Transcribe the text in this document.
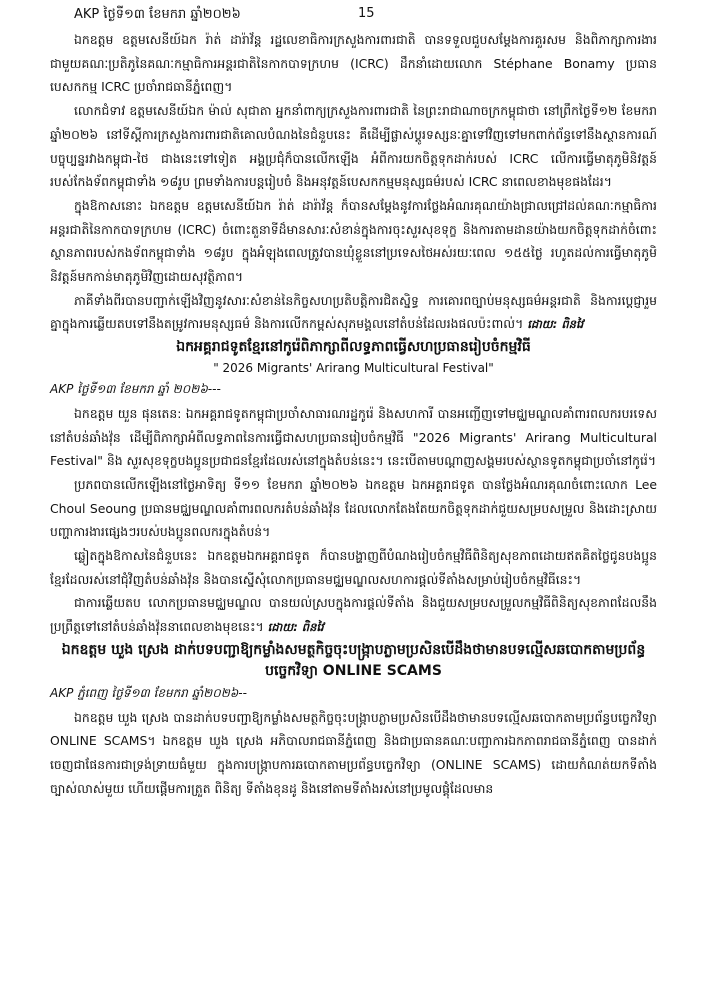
AKP ថ្ងៃទី១៣ ខែមករា ឆ្នាំ២០២៦	15

ឯកឧត្ដម ឧត្ដមសេនីយ៍ឯក រ៉ាត់ ដារ៉ាវ័ន្ដ រដ្ឋលេខាធិការក្រសួងការពារជាតិ បានទទួលជួបសម្ដែងការគួរសម និងពិភាក្សាការងារជាមួយគណៈប្រតិភូនៃគណៈកម្មាធិការអន្ដរជាតិនៃកាកបាទក្រហម (ICRC) ដឹកនាំដោយលោក Stéphane Bonamy ប្រធានបេសកកម្ម ICRC ប្រចាំរាជធានីភ្នំពេញ។

លោកជំទាវ ឧត្ដមសេនីយ៍ឯក ម៉ាល់ សុជាតា អ្នកនាំពាក្យក្រសួងការពារជាតិ នៃព្រះរាជាណាចក្រកម្ពុជាថា នៅព្រឹកថ្ងៃទី១២ ខែមករា ឆ្នាំ២០២៦ នៅទីស្ដីការក្រសួងការពារជាតិគោលបំណងនៃជំនួបនេះ គឺដើម្បីផ្លាស់ប្ដូរទស្សនៈគ្នាទៅវិញទៅមកពាក់ព័ន្ធទៅនឹងស្ថានការណ៍បច្ចុប្បន្នរវាងកម្ពុជា-ថៃ ជាងនេះទៅទៀត អង្គប្រជុំក៏បានលើកឡើង អំពីការយកចិត្តទុកដាក់របស់ ICRC លើការធ្វើមាតុភូមិនិវត្តន៍របស់កែងទ័ពកម្ពុជាទាំង ១៨រូប ព្រមទាំងការបន្ដរៀបចំ និងអនុវត្តន៍បេសកកម្មមនុស្សធម៌របស់ ICRC នាពេលខាងមុខផងដែរ។

ក្នុងឱកាសនោះ ឯកឧត្ដម ឧត្ដមសេនីយ៍ឯក រ៉ាត់ ដារ៉ាវ័ន្ដ ក៏បានសម្ដែងនូវការថ្លែងអំណរគុណយ៉ាងជ្រាលជ្រៅដល់គណៈកម្មាធិការអន្ដរជាតិនៃកាកបាទក្រហម (ICRC) ចំពោះតួនាទីដ៏មានសារៈសំខាន់ក្នុងការចុះសួរសុខទុក្ខ និងការតាមដានយ៉ាងយកចិត្តទុកដាក់ចំពោះស្ថានភាពរបស់កងទ័ពកម្ពុជាទាំង ១៨រូប ក្នុងអំឡុងពេលត្រូវបានឃុំខ្លួននៅប្រទេសថៃអស់រយៈពេល ១៥៥ថ្ងៃ រហូតដល់ការធ្វើមាតុភូមិនិវត្តន៍មកកាន់មាតុភូមិវិញដោយសុវត្ថិភាព។

ភាគីទាំងពីរបានបញ្ជាក់ឡើងវិញនូវសារៈសំខាន់នៃកិច្ចសហប្រតិបត្ដិការជិតស្និទ្ធ ការគោរពច្បាប់មនុស្សធម៌អន្ដរជាតិ និងការប្ដេជ្ញារួមគ្នាក្នុងការឆ្លើយតបទៅនឹងតម្រូវការមនុស្សធម៌ និងការលើកកម្ពស់សុភមង្គលនៅតំបន់ដែលរងផលប៉ះពាល់។ ដោយ: ពិនវៃ

ឯកអគ្គរាជទូតខ្មែរនៅកូរ៉េពិភាក្សាពីលទ្ធភាពធ្វើសហប្រធានរៀបចំកម្មវិធី
" 2026 Migrants' Arirang Multicultural Festival"

AKP ថ្ងៃទី១៣ ខែមករា ឆ្នាំ ២០២៦---

ឯកឧត្ដម យួន ផុនតេន: ឯកអគ្គរាជទូតកម្ពុជាប្រចាំសាធារណរដ្ឋកូរ៉េ និងសហការី បានអញ្ជើញទៅមជ្ឈមណ្ឌលគាំពារពលករបរទេសនៅតំបន់ឆាំងវ៉ុន ដើម្បីពិភាក្សាអំពីលទ្ធភាពនៃការធ្វើជាសហប្រធានរៀបចំកម្មវិធី "2026 Migrants' Arirang Multicultural Festival" និង សួរសុខទុក្ខបងប្អូនប្រជាជនខ្មែរដែលរស់នៅក្នុងតំបន់នេះ។ នេះបើតាមបណ្ដាញសង្គមរបស់ស្ថានទូតកម្ពុជាប្រចាំនៅកូរ៉េ។

ប្រភពបានលើកឡើងនៅថ្ងៃអាទិត្យ ទី១១ ខែមករា ឆ្នាំ២០២៦ ឯកឧត្ដម ឯកអគ្គរាជទូត បានថ្លែងអំណរគុណចំពោះលោក Lee Choul Seoung ប្រធានមជ្ឈមណ្ឌលគាំពារពលករតំបន់ឆាំងវ៉ុន ដែលលោកតែងតែយកចិត្តទុកដាក់ជួយសម្របសម្រួល និងដោះស្រាយបញ្ហាការងារផ្សេងៗរបស់បងប្អូនពលករក្នុងតំបន់។

ឆ្លៀតក្នុងឱកាសនៃជំនួបនេះ ឯកឧត្ដមឯកអគ្គរាជទូត ក៏បានបង្ហាញពីបំណងរៀបចំកម្មវិធីពិនិត្យសុខភាពដោយឥតគិតថ្លៃជូនបងប្អូនខ្មែរដែលរស់នៅជុំវិញតំបន់ឆាំងវ៉ុន និងបានស្នើសុំលោកប្រធានមជ្ឈមណ្ឌលសហការផ្ដល់ទីតាំងសម្រាប់រៀបចំកម្មវិធីនេះ។

ជាការឆ្លើយតប លោកប្រធានមជ្ឈមណ្ឌល បានយល់ស្របក្នុងការផ្ដល់ទីតាំង និងជួយសម្របសម្រួលកម្មវិធីពិនិត្យសុខភាពដែលនឹងប្រព្រឹត្តទៅនៅតំបន់ឆាំងវ៉ុននាពេលខាងមុខនេះ។ ដោយ: ពិនវៃ

ឯកឧត្ដម ឃួង ស្រេង ដាក់បទបញ្ជាឱ្យកម្លាំងសមត្ថកិច្ចចុះបង្ក្រាបភ្លាមប្រសិនបើដឹងថាមានបទល្មើសឆបោកតាមប្រព័ន្ធបច្ចេកវិទ្យា ONLINE SCAMS

AKP ភ្នំពេញ ថ្ងៃទី១៣ ខែមករា ឆ្នាំ២០២៦--

ឯកឧត្ដម ឃួង ស្រេង បានដាក់បទបញ្ជាឱ្យកម្លាំងសមត្ថកិច្ចចុះបង្ក្រាបភ្លាមប្រសិនបើដឹងថាមានបទល្មើសឆបោកតាមប្រព័ន្ធបច្ចេកវិទ្យា ONLINE SCAMS។ ឯកឧត្ដម ឃួង ស្រេង អភិបាលរាជធានីភ្នំពេញ និងជាប្រធានគណៈបញ្ជាការឯកភាពរាជធានីភ្នំពេញ បានដាក់ចេញជាផែនការជាទ្រង់ទ្រាយធំមួយ ក្នុងការបង្ក្រាបការឆបោកតាមប្រព័ន្ធបច្ចេកវិទ្យា (ONLINE SCAMS) ដោយកំណត់យកទីតាំងច្បាស់លាស់មួយ ហើយផ្ដើមការត្រួត ពិនិត្យ ទីតាំងខុនដូ និងនៅតាមទីតាំងរស់នៅប្រមូលផ្ដុំដែលមាន
